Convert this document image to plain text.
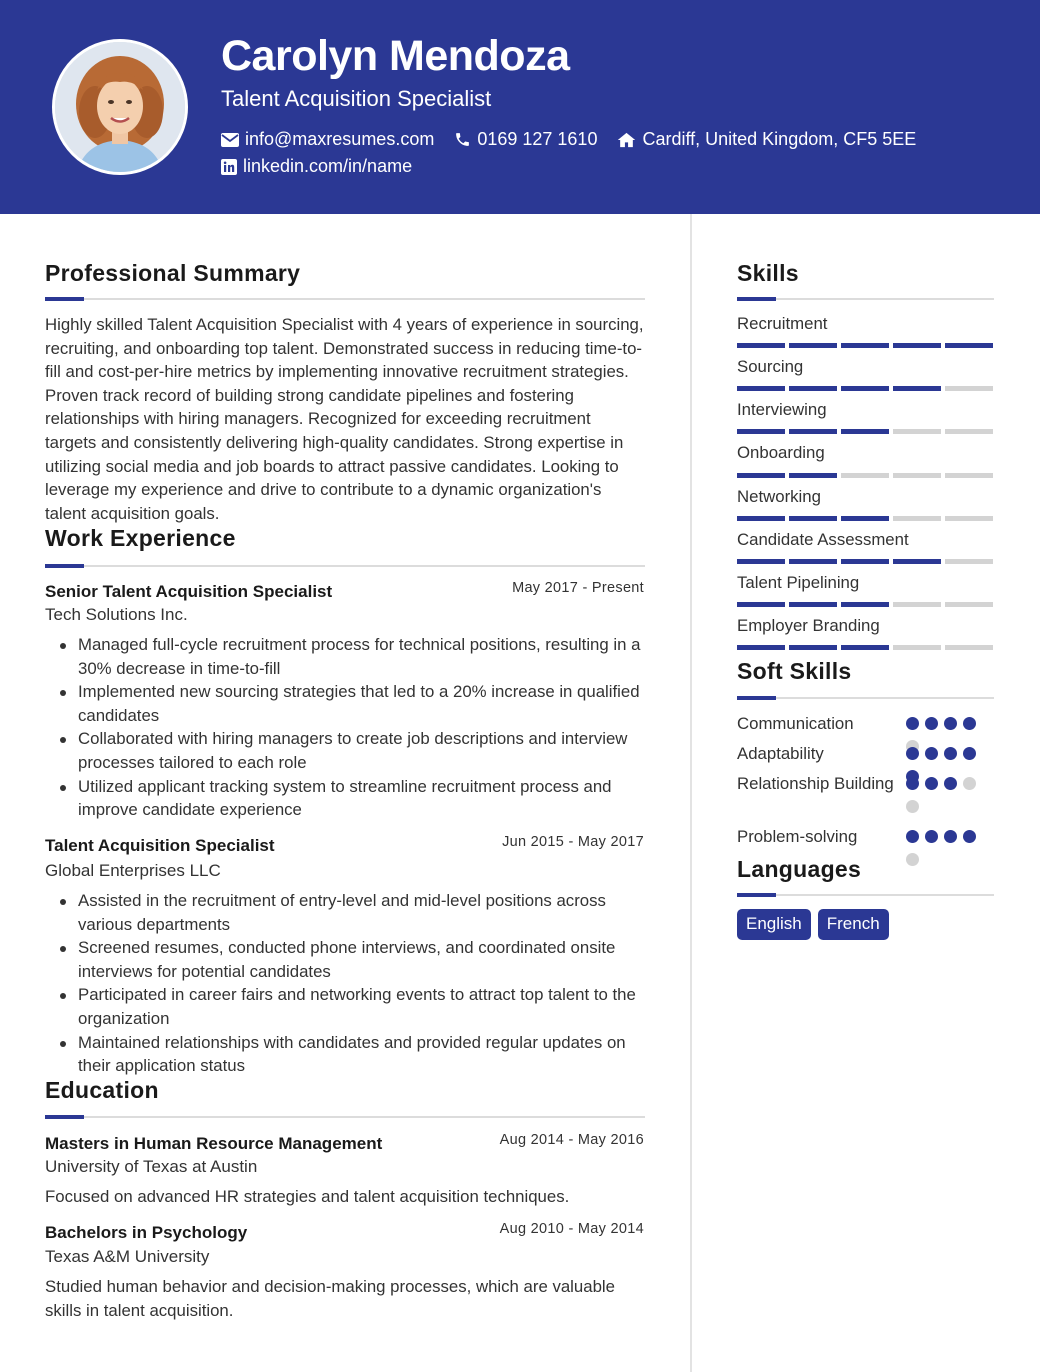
Carolyn Mendoza
Talent Acquisition Specialist
info@maxresumes.com 0169 127 1610	Cardiff, United Kingdom, CF5 5EE
linkedin.com/in/name
Professional Summary
Highly skilled Talent Acquisition Specialist with 4 years of experience in sourcing, recruiting, and onboarding top talent. Demonstrated success in reducing time-to-fill and cost-per-hire metrics by implementing innovative recruitment strategies. Proven track record of building strong candidate pipelines and fostering relationships with hiring managers. Recognized for exceeding recruitment targets and consistently delivering high-quality candidates. Strong expertise in utilizing social media and job boards to attract passive candidates. Looking to leverage my experience and drive to contribute to a dynamic organization's talent acquisition goals.
Work Experience
Senior Talent Acquisition Specialist	May 2017 - Present
Tech Solutions Inc.
Managed full-cycle recruitment process for technical positions, resulting in a 30% decrease in time-to-fill
Implemented new sourcing strategies that led to a 20% increase in qualified candidates
Collaborated with hiring managers to create job descriptions and interview processes tailored to each role
Utilized applicant tracking system to streamline recruitment process and improve candidate experience
Talent Acquisition Specialist	Jun 2015 - May 2017
Global Enterprises LLC
Assisted in the recruitment of entry-level and mid-level positions across various departments
Screened resumes, conducted phone interviews, and coordinated onsite interviews for potential candidates
Participated in career fairs and networking events to attract top talent to the organization
Maintained relationships with candidates and provided regular updates on their application status
Education
Masters in Human Resource Management	Aug 2014 - May 2016
University of Texas at Austin
Focused on advanced HR strategies and talent acquisition techniques.
Bachelors in Psychology	Aug 2010 - May 2014
Texas A&M University
Studied human behavior and decision-making processes, which are valuable skills in talent acquisition.
Skills
Recruitment
Sourcing
Interviewing
Onboarding
Networking
Candidate Assessment
Talent Pipelining
Employer Branding
Soft Skills
Communication
Adaptability
Relationship Building
Problem-solving
Languages
English	French
